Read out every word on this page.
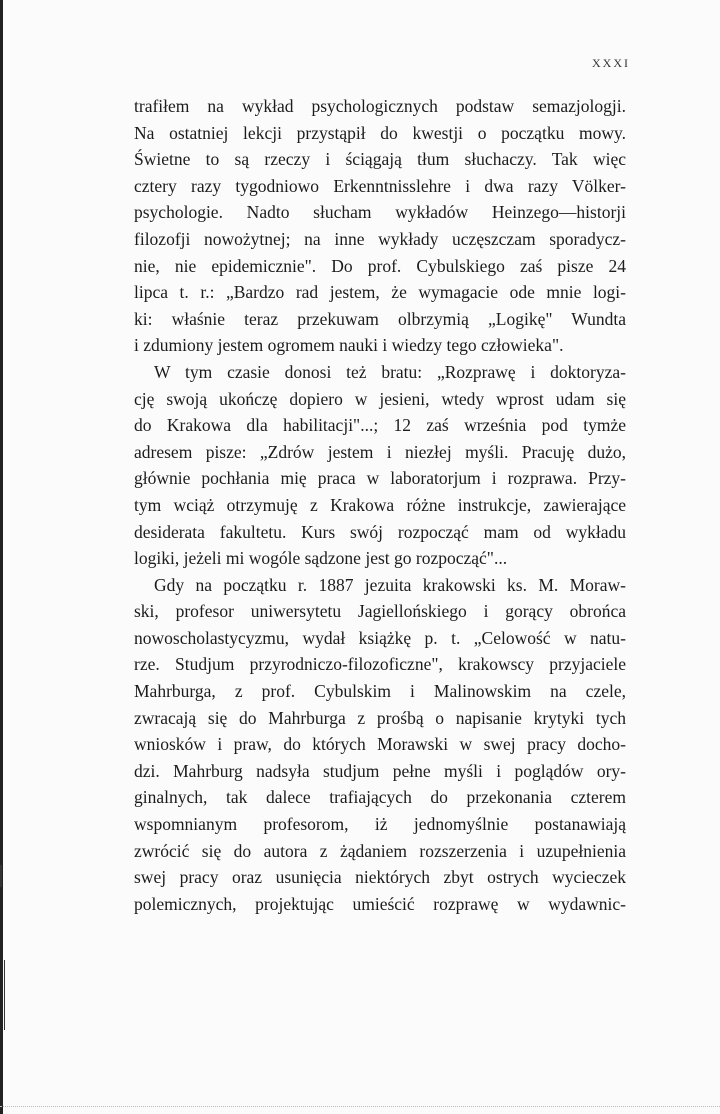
XXXI
trafiłem na wykład psychologicznych podstaw semazjologji.
Na ostatniej lekcji przystąpił do kwestji o początku mowy.
Świetne to są rzeczy i ściągają tłum słuchaczy. Tak więc
cztery razy tygodniowo Erkenntnisslehre i dwa razy Völker-
psychologie. Nadto słucham wykładów Heinzego—historji
filozofji nowożytnej; na inne wykłady uczęszczam sporadycz-
nie, nie epidemicznie". Do prof. Cybulskiego zaś pisze 24
lipca t. r.: „Bardzo rad jestem, że wymagacie ode mnie logi-
ki: właśnie teraz przekuwam olbrzymią „Logikę" Wundta
i zdumiony jestem ogromem nauki i wiedzy tego człowieka".
W tym czasie donosi też bratu: „Rozprawę i doktoryza-
cję swoją ukończę dopiero w jesieni, wtedy wprost udam się
do Krakowa dla habilitacji"...; 12 zaś września pod tymże
adresem pisze: „Zdrów jestem i niezłej myśli. Pracuję dużo,
głównie pochłania mię praca w laboratorjum i rozprawa. Przy-
tym wciąż otrzymuję z Krakowa różne instrukcje, zawierające
desiderata fakultetu. Kurs swój rozpocząć mam od wykładu
logiki, jeżeli mi wogóle sądzone jest go rozpocząć"...
Gdy na początku r. 1887 jezuita krakowski ks. M. Moraw-
ski, profesor uniwersytetu Jagiellońskiego i gorący obrońca
nowoscholastycyzmu, wydał książkę p. t. „Celowość w natu-
rze. Studjum przyrodniczo-filozoficzne", krakowscy przyjaciele
Mahrburga, z prof. Cybulskim i Malinowskim na czele,
zwracają się do Mahrburga z prośbą o napisanie krytyki tych
wniosków i praw, do których Morawski w swej pracy docho-
dzi. Mahrburg nadsyła studjum pełne myśli i poglądów ory-
ginalnych, tak dalece trafiających do przekonania czterem
wspomnianym profesorom, iż jednomyślnie postanawiają
zwrócić się do autora z żądaniem rozszerzenia i uzupełnienia
swej pracy oraz usunięcia niektórych zbyt ostrych wycieczek
polemicznych, projektując umieścić rozprawę w wydawnic-
